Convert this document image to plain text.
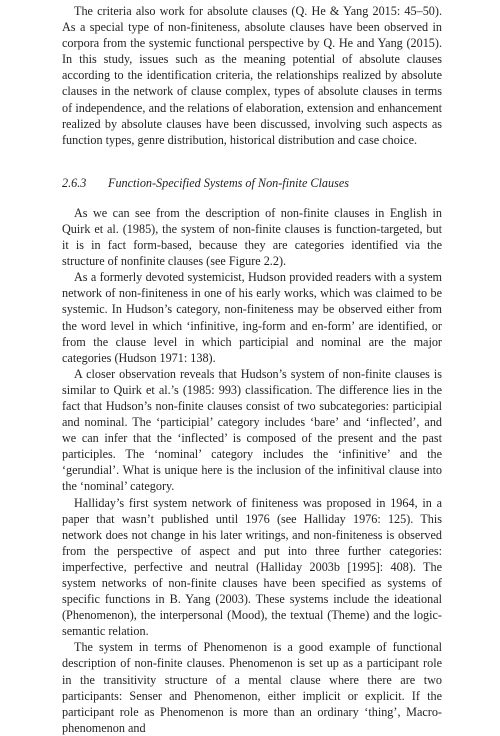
The criteria also work for absolute clauses (Q. He & Yang 2015: 45–50). As a special type of non-finiteness, absolute clauses have been observed in corpora from the systemic functional perspective by Q. He and Yang (2015). In this study, issues such as the meaning potential of absolute clauses according to the identification criteria, the relationships realized by absolute clauses in the network of clause complex, types of absolute clauses in terms of independence, and the relations of elaboration, extension and enhancement realized by absolute clauses have been discussed, involving such aspects as function types, genre distribution, historical distribution and case choice.

2.6.3 Function-Specified Systems of Non-finite Clauses

As we can see from the description of non-finite clauses in English in Quirk et al. (1985), the system of non-finite clauses is function-targeted, but it is in fact form-based, because they are categories identified via the structure of nonfinite clauses (see Figure 2.2).

As a formerly devoted systemicist, Hudson provided readers with a system network of non-finiteness in one of his early works, which was claimed to be systemic. In Hudson’s category, non-finiteness may be observed either from the word level in which ‘infinitive, ing-form and en-form’ are identified, or from the clause level in which participial and nominal are the major categories (Hudson 1971: 138).

A closer observation reveals that Hudson’s system of non-finite clauses is similar to Quirk et al.’s (1985: 993) classification. The difference lies in the fact that Hudson’s non-finite clauses consist of two subcategories: participial and nominal. The ‘participial’ category includes ‘bare’ and ‘inflected’, and we can infer that the ‘inflected’ is composed of the present and the past participles. The ‘nominal’ category includes the ‘infinitive’ and the ‘gerundial’. What is unique here is the inclusion of the infinitival clause into the ‘nominal’ category.

Halliday’s first system network of finiteness was proposed in 1964, in a paper that wasn’t published until 1976 (see Halliday 1976: 125). This network does not change in his later writings, and non-finiteness is observed from the perspective of aspect and put into three further categories: imperfective, perfective and neutral (Halliday 2003b [1995]: 408). The system networks of non-finite clauses have been specified as systems of specific functions in B. Yang (2003). These systems include the ideational (Phenomenon), the interpersonal (Mood), the textual (Theme) and the logic-semantic relation.

The system in terms of Phenomenon is a good example of functional description of non-finite clauses. Phenomenon is set up as a participant role in the transitivity structure of a mental clause where there are two participants: Senser and Phenomenon, either implicit or explicit. If the participant role as Phenomenon is more than an ordinary ‘thing’, Macro-phenomenon and
